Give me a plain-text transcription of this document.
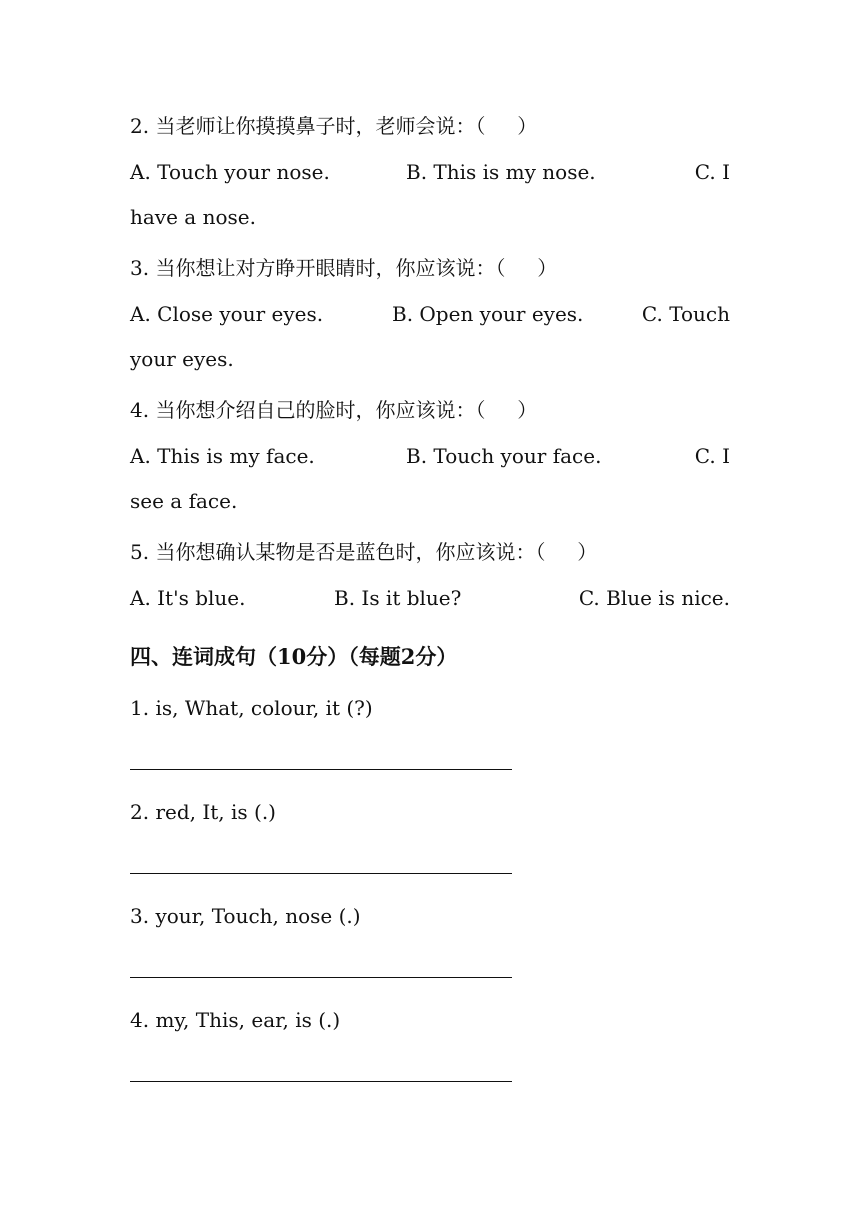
2. 当老师让你摸摸鼻子时，老师会说：（     ）
A. Touch your nose.	B. This is my nose.	C. I
have a nose.
3. 当你想让对方睁开眼睛时，你应该说：（     ）
A. Close your eyes.	B. Open your eyes.	C. Touch
your eyes.
4. 当你想介绍自己的脸时，你应该说：（     ）
A. This is my face.	B. Touch your face.	C. I
see a face.
5. 当你想确认某物是否是蓝色时，你应该说：（     ）
A. It's blue.	B. Is it blue?	C. Blue is nice.
四、连词成句（10分）（每题2分）
1. is, What, colour, it (?)
2. red, It, is (.)
3. your, Touch, nose (.)
4. my, This, ear, is (.)
